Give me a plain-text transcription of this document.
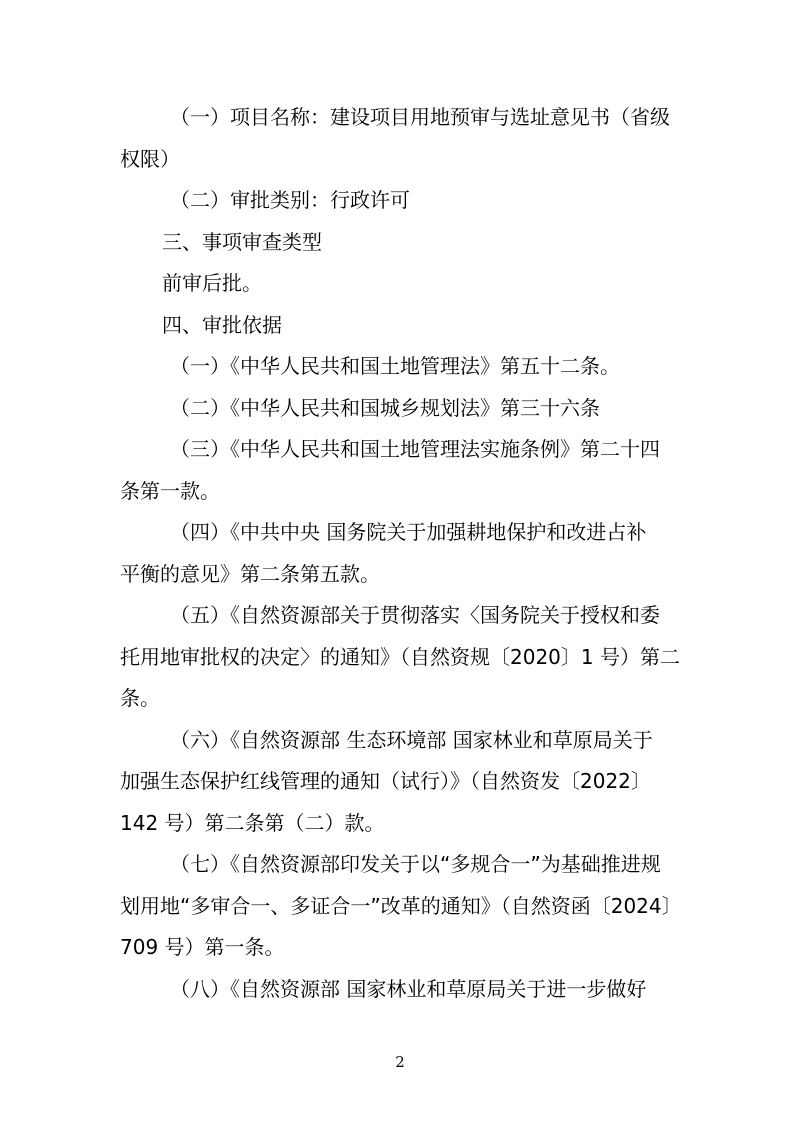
（一）项目名称：建设项目用地预审与选址意见书（省级
权限）
（二）审批类别：行政许可
三、事项审查类型
前审后批。
四、审批依据
（一）《中华人民共和国土地管理法》第五十二条。
（二）《中华人民共和国城乡规划法》第三十六条
（三）《中华人民共和国土地管理法实施条例》第二十四
条第一款。
（四）《中共中央 国务院关于加强耕地保护和改进占补
平衡的意见》第二条第五款。
（五）《自然资源部关于贯彻落实〈国务院关于授权和委
托用地审批权的决定〉的通知》（自然资规〔2020〕1 号）第二
条。
（六）《自然资源部 生态环境部 国家林业和草原局关于
加强生态保护红线管理的通知（试行）》（自然资发〔2022〕
142 号）第二条第（二）款。
（七）《自然资源部印发关于以“多规合一”为基础推进规
划用地“多审合一、多证合一”改革的通知》（自然资函〔2024〕
709 号）第一条。
（八）《自然资源部 国家林业和草原局关于进一步做好
2
